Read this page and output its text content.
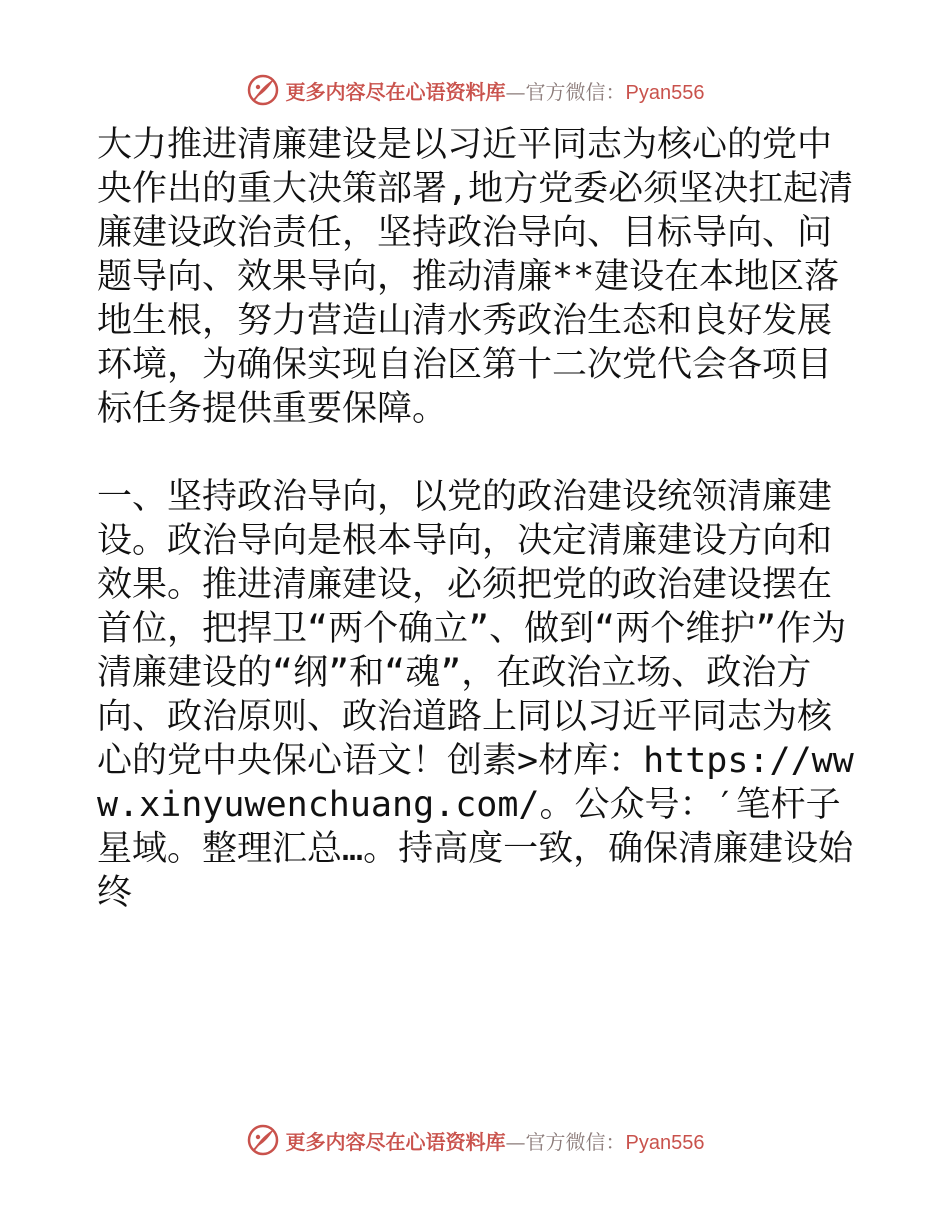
更多内容尽在心语资料库—官方微信：Pyan556

大力推进清廉建设是以习近平同志为核心的党中央作出的重大决策部署,地方党委必须坚决扛起清廉建设政治责任，坚持政治导向、目标导向、问题导向、效果导向，推动清廉**建设在本地区落地生根，努力营造山清水秀政治生态和良好发展环境，为确保实现自治区第十二次党代会各项目标任务提供重要保障。

一、坚持政治导向，以党的政治建设统领清廉建设。政治导向是根本导向，决定清廉建设方向和效果。推进清廉建设，必须把党的政治建设摆在首位，把捍卫“两个确立”、做到“两个维护”作为清廉建设的“纲”和“魂”，在政治立场、政治方向、政治原则、政治道路上同以习近平同志为核心的党中央保心语文！创素>材库：https://www.xinyuwenchuang.com/。公众号：′笔杆子星域。整理汇总…。持高度一致，确保清廉建设始终

更多内容尽在心语资料库—官方微信：Pyan556
